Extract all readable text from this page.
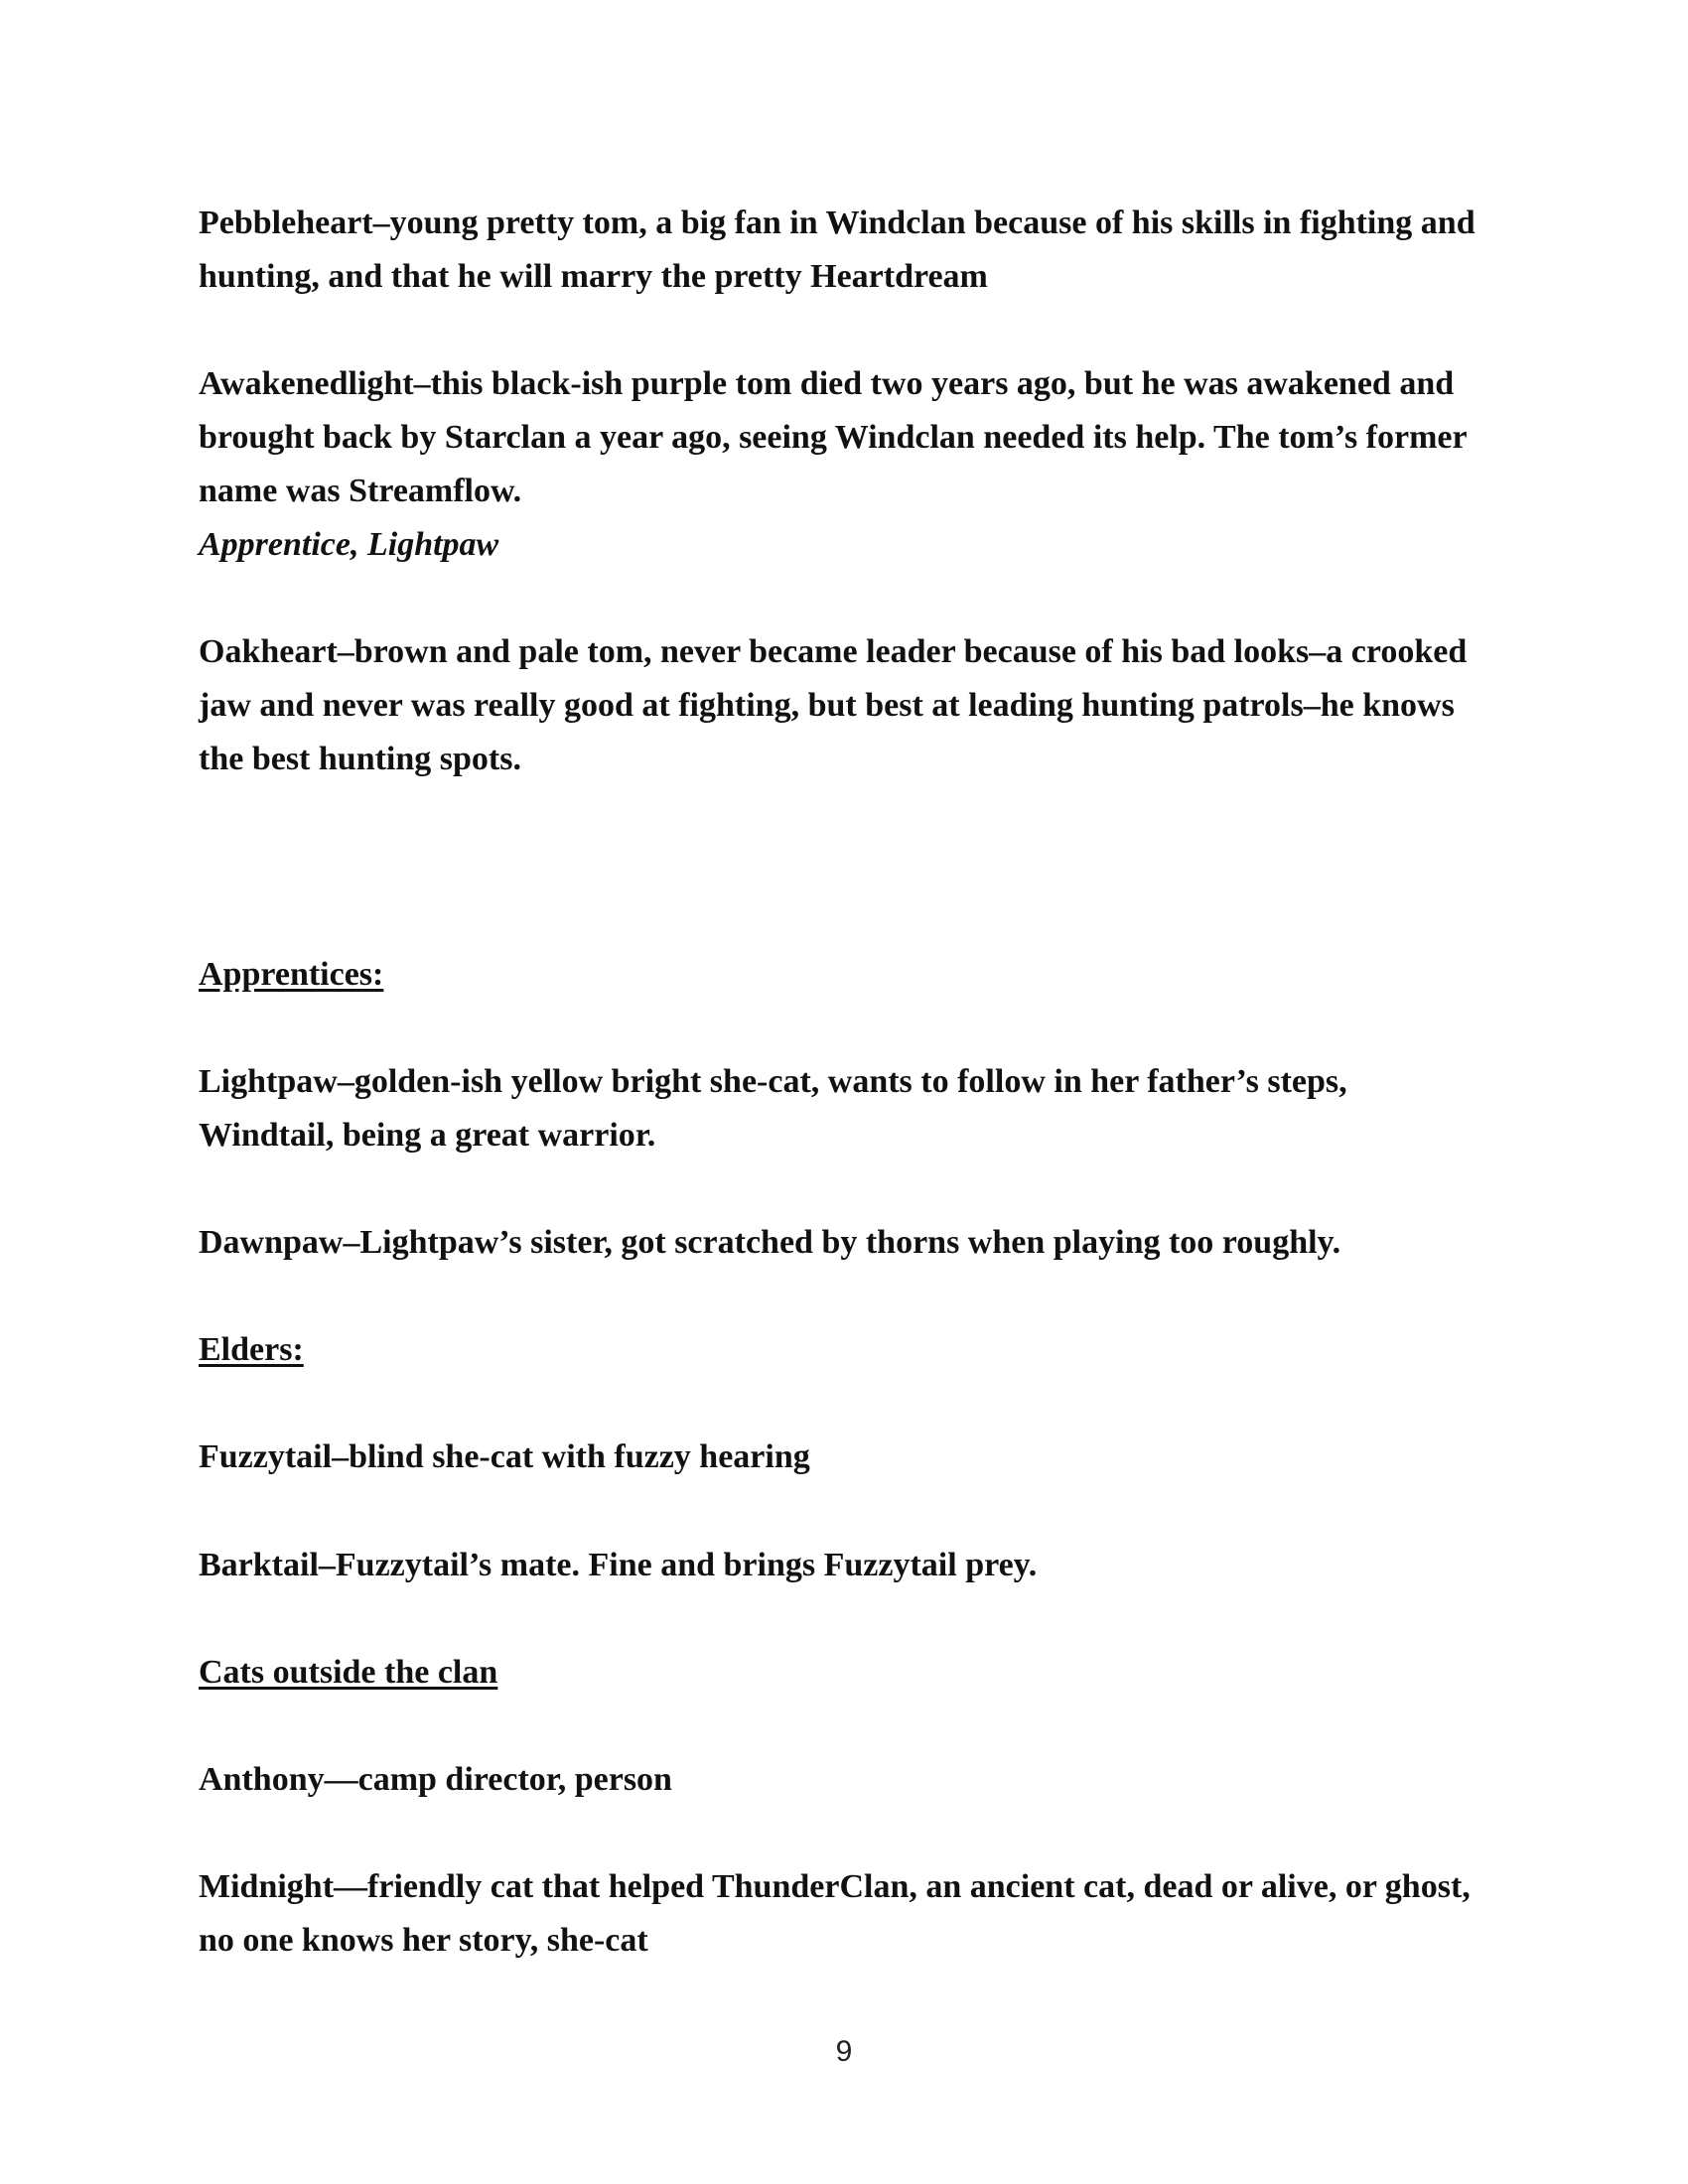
Pebbleheart–young pretty tom, a big fan in Windclan because of his skills in fighting and hunting, and that he will marry the pretty Heartdream

Awakenedlight–this black-ish purple tom died two years ago, but he was awakened and brought back by Starclan a year ago, seeing Windclan needed its help. The tom’s former name was Streamflow.

Apprentice, Lightpaw

Oakheart–brown and pale tom, never became leader because of his bad looks–a crooked jaw and never was really good at fighting, but best at leading hunting patrols–he knows the best hunting spots.

Apprentices:

Lightpaw–golden-ish yellow bright she-cat, wants to follow in her father’s steps, Windtail, being a great warrior.

Dawnpaw–Lightpaw’s sister, got scratched by thorns when playing too roughly.

Elders:

Fuzzytail–blind she-cat with fuzzy hearing

Barktail–Fuzzytail’s mate. Fine and brings Fuzzytail prey.

Cats outside the clan

Anthony—camp director, person

Midnight—friendly cat that helped ThunderClan, an ancient cat, dead or alive, or ghost, no one knows her story, she-cat

9
